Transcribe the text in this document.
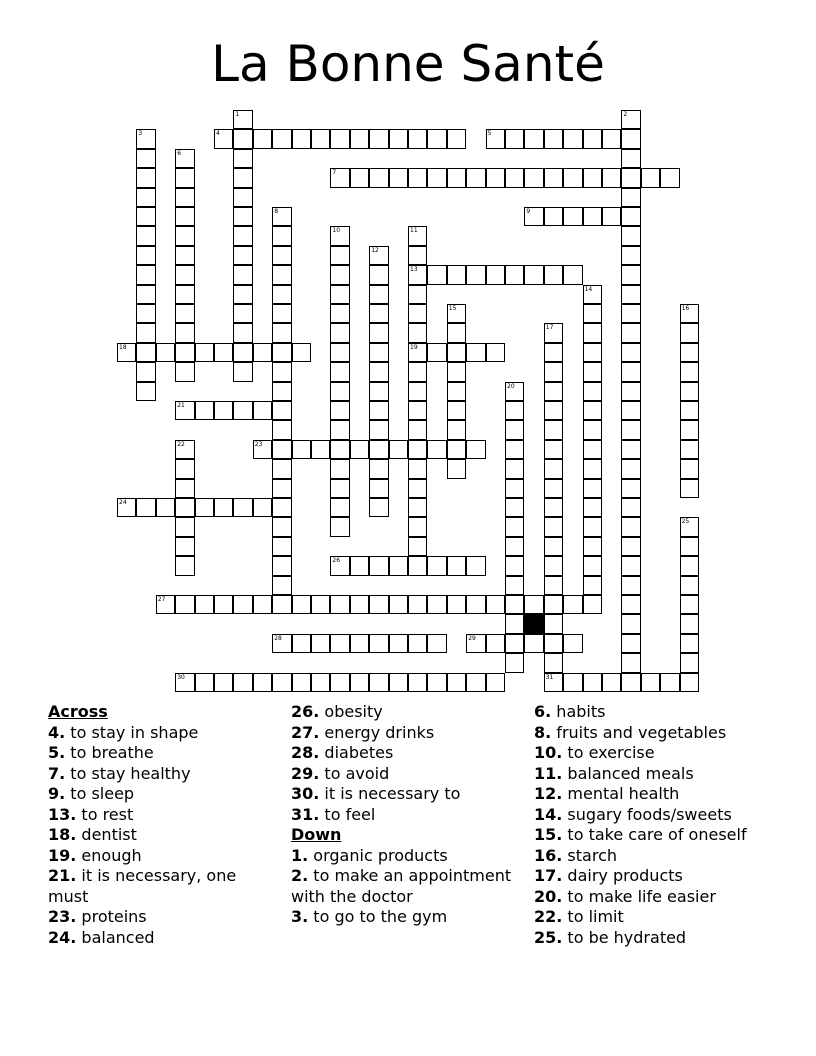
La Bonne Santé
1	2
3	4	5
6
7
8	9
10	11
13
19
12
14
15	16
17
31
18
20
21
22	23
24
25
26
27
28	29
30
Across
4. to stay in shape
5. to breathe
7. to stay healthy
9. to sleep
13. to rest
18. dentist
19. enough
21. it is necessary, one must
23. proteins
24. balanced
26. obesity
27. energy drinks
28. diabetes
29. to avoid
30. it is necessary to
31. to feel
Down
1. organic products
2. to make an appointment with the doctor
3. to go to the gym
6. habits
8. fruits and vegetables
10. to exercise
11. balanced meals
12. mental health
14. sugary foods/sweets
15. to take care of oneself
16. starch
17. dairy products
20. to make life easier
22. to limit
25. to be hydrated
